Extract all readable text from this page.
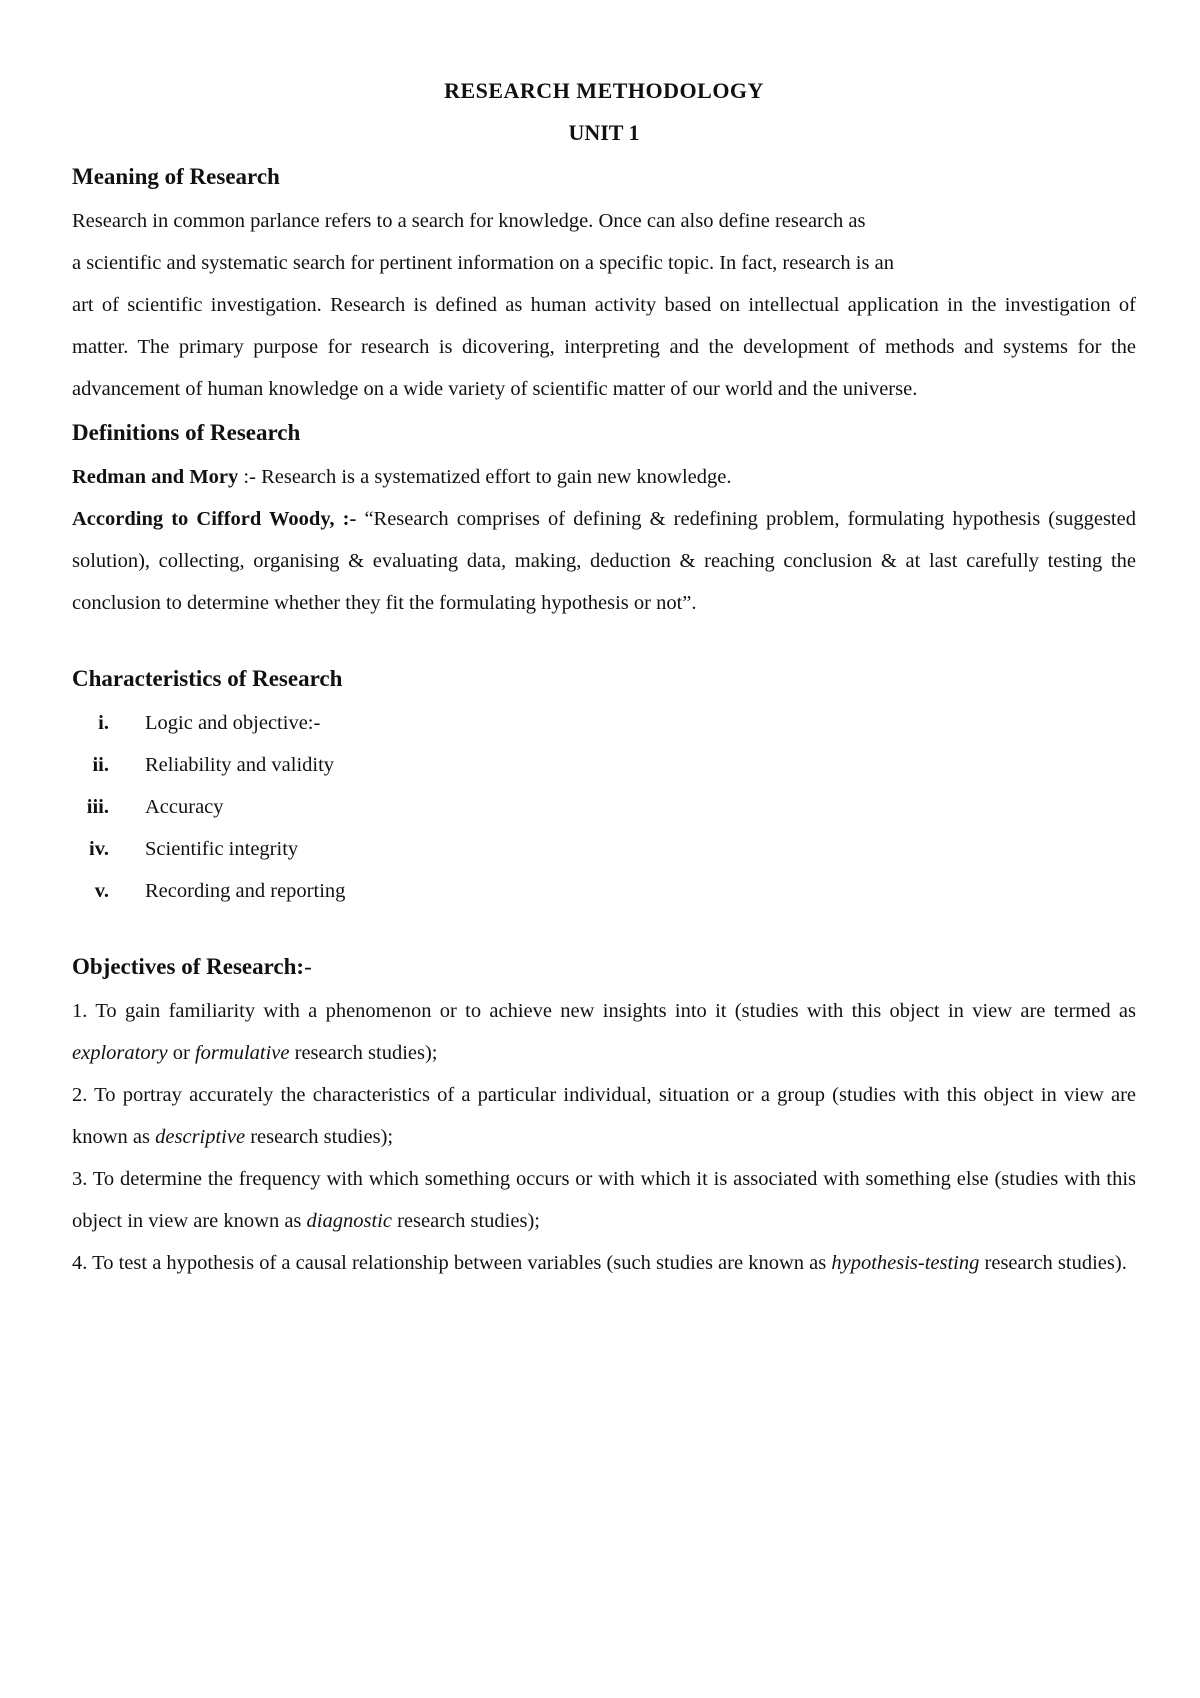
RESEARCH METHODOLOGY
UNIT 1
Meaning of Research

Research in common parlance refers to a search for knowledge. Once can also define research as
a scientific and systematic search for pertinent information on a specific topic. In fact, research is an

art of scientific investigation. Research is defined as human activity based on intellectual application in the investigation of matter. The primary purpose for research is dicovering, interpreting and the development of methods and systems for the advancement of human knowledge on a wide variety of scientific matter of our world and the universe.

Definitions of Research

Redman and Mory :- Research is a systematized effort to gain new knowledge.

According to Cifford Woody, :- “Research comprises of defining & redefining problem, formulating hypothesis (suggested solution), collecting, organising & evaluating data, making, deduction & reaching conclusion & at last carefully testing the conclusion to determine whether they fit the formulating hypothesis or not”.

Characteristics of Research
i. Logic and objective:-
ii. Reliability and validity
iii. Accuracy
iv. Scientific integrity
v. Recording and reporting
Objectives of Research:-

1. To gain familiarity with a phenomenon or to achieve new insights into it (studies with this object in view are termed as exploratory or formulative research studies);

2. To portray accurately the characteristics of a particular individual, situation or a group (studies with this object in view are known as descriptive research studies);

3. To determine the frequency with which something occurs or with which it is associated with something else (studies with this object in view are known as diagnostic research studies);

4. To test a hypothesis of a causal relationship between variables (such studies are known as hypothesis-testing research studies).
